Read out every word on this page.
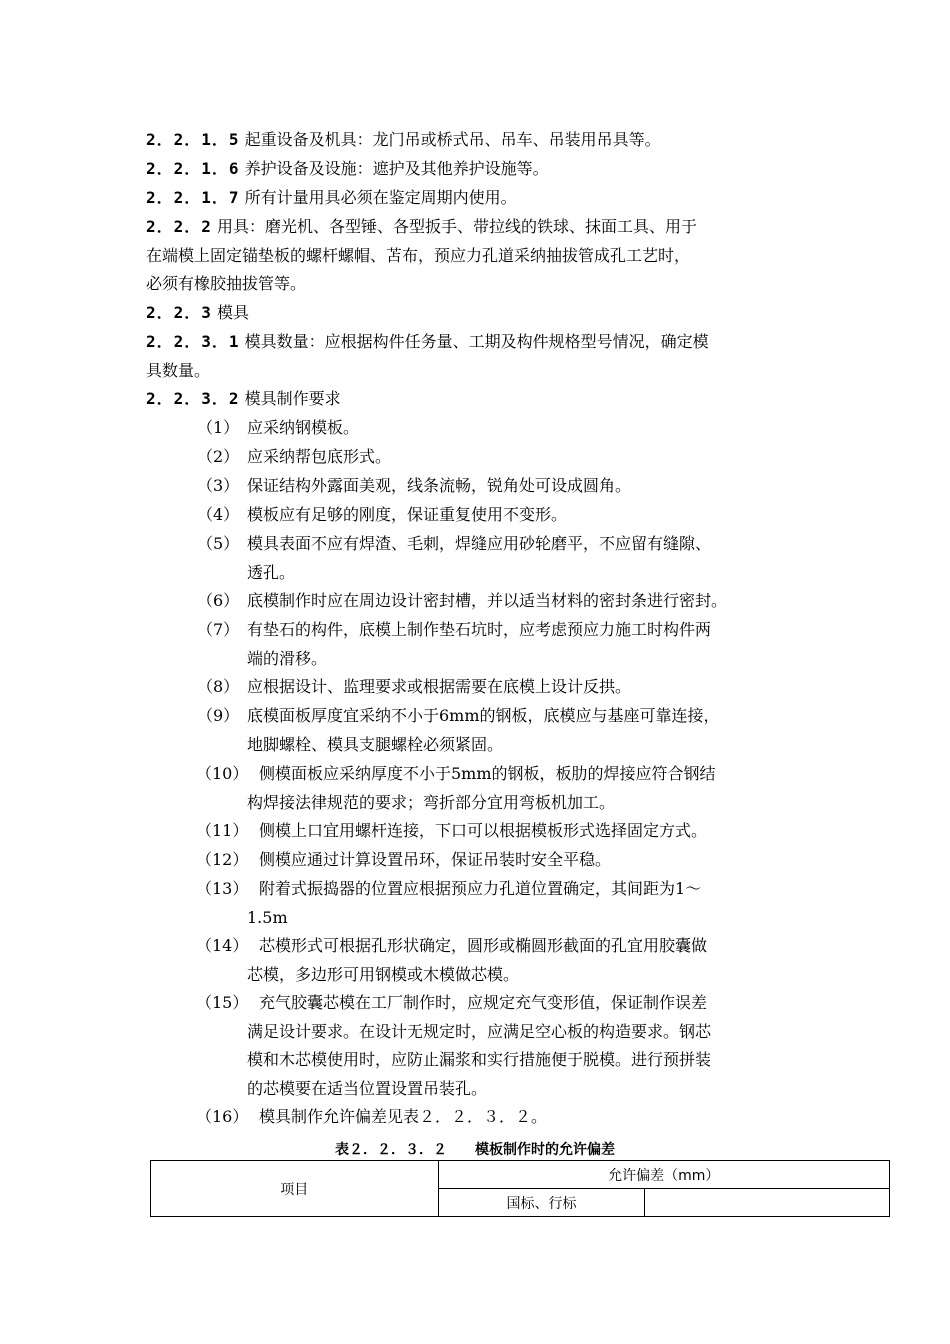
2．2．1．5 起重设备及机具：龙门吊或桥式吊、吊车、吊装用吊具等。
2．2．1．6 养护设备及设施：遮护及其他养护设施等。
2．2．1．7 所有计量用具必须在鉴定周期内使用。
2．2．2 用具：磨光机、各型锤、各型扳手、带拉线的铁球、抹面工具、用于
在端模上固定锚垫板的螺杆螺帽、苫布，预应力孔道采纳抽拔管成孔工艺时，
必须有橡胶抽拔管等。
2．2．3 模具
2．2．3．1 模具数量：应根据构件任务量、工期及构件规格型号情况，确定模
具数量。
2．2．3．2 模具制作要求
（1） 应采纳钢模板。
（2） 应采纳帮包底形式。
（3） 保证结构外露面美观，线条流畅，锐角处可设成圆角。
（4） 模板应有足够的刚度，保证重复使用不变形。
（5） 模具表面不应有焊渣、毛刺，焊缝应用砂轮磨平，不应留有缝隙、
透孔。
（6） 底模制作时应在周边设计密封槽，并以适当材料的密封条进行密封。
（7） 有垫石的构件，底模上制作垫石坑时，应考虑预应力施工时构件两
端的滑移。
（8） 应根据设计、监理要求或根据需要在底模上设计反拱。
（9） 底模面板厚度宜采纳不小于6mm的钢板，底模应与基座可靠连接，
地脚螺栓、模具支腿螺栓必须紧固。
（10） 侧模面板应采纳厚度不小于5mm的钢板，板肋的焊接应符合钢结
构焊接法律规范的要求；弯折部分宜用弯板机加工。
（11） 侧模上口宜用螺杆连接，下口可以根据模板形式选择固定方式。
（12） 侧模应通过计算设置吊环，保证吊装时安全平稳。
（13） 附着式振捣器的位置应根据预应力孔道位置确定，其间距为1～
1.5m
（14） 芯模形式可根据孔形状确定，圆形或椭圆形截面的孔宜用胶囊做
芯模，多边形可用钢模或木模做芯模。
（15） 充气胶囊芯模在工厂制作时，应规定充气变形值，保证制作误差
满足设计要求。在设计无规定时，应满足空心板的构造要求。钢芯
模和木芯模使用时，应防止漏浆和实行措施便于脱模。进行预拼装
的芯模要在适当位置设置吊装孔。
（16） 模具制作允许偏差见表２．２．３．２。
表２．２．３．２　　模板制作时的允许偏差
项目	允许偏差（mm）	
	国标、行标	
